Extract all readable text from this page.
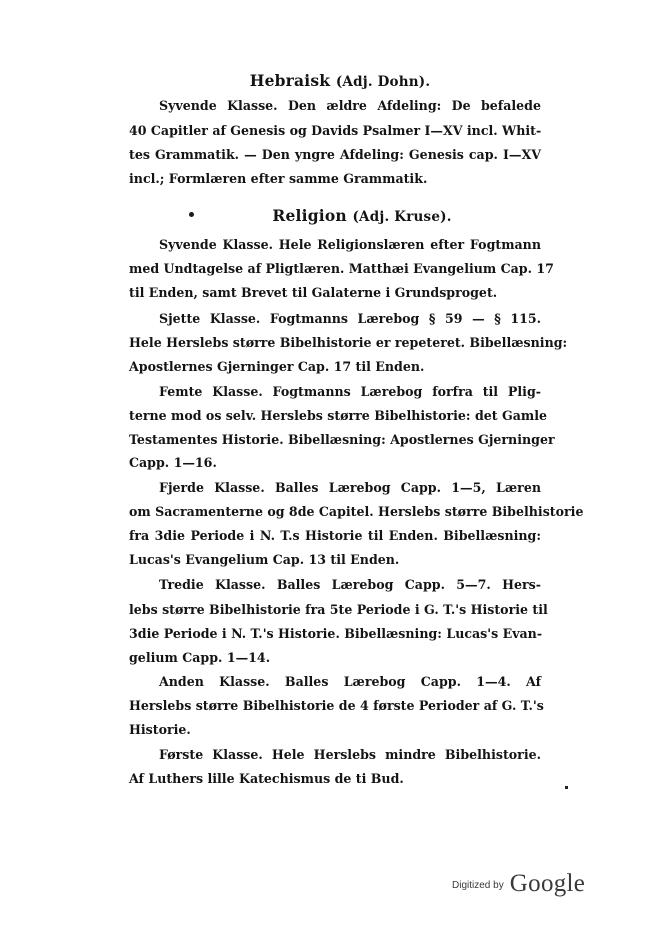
Hebraisk (Adj. Dohn).
Syvende Klasse. Den ældre Afdeling: De befalede
40 Capitler af Genesis og Davids Psalmer I—XV incl. Whit-
tes Grammatik. — Den yngre Afdeling: Genesis cap. I—XV
incl.; Formlæren efter samme Grammatik.
Religion (Adj. Kruse).
Syvende Klasse. Hele Religionslæren efter Fogtmann
med Undtagelse af Pligtlæren. Matthæi Evangelium Cap. 17
til Enden, samt Brevet til Galaterne i Grundsproget.
Sjette Klasse. Fogtmanns Lærebog § 59 — § 115.
Hele Herslebs større Bibelhistorie er repeteret. Bibellæsning:
Apostlernes Gjerninger Cap. 17 til Enden.
Femte Klasse. Fogtmanns Lærebog forfra til Plig-
terne mod os selv. Herslebs større Bibelhistorie: det Gamle
Testamentes Historie. Bibellæsning: Apostlernes Gjerninger
Capp. 1—16.
Fjerde Klasse. Balles Lærebog Capp. 1—5, Læren
om Sacramenterne og 8de Capitel. Herslebs større Bibelhistorie
fra 3die Periode i N. T.s Historie til Enden. Bibellæsning:
Lucas's Evangelium Cap. 13 til Enden.
Tredie Klasse. Balles Lærebog Capp. 5—7. Hers-
lebs større Bibelhistorie fra 5te Periode i G. T.'s Historie til
3die Periode i N. T.'s Historie. Bibellæsning: Lucas's Evan-
gelium Capp. 1—14.
Anden Klasse. Balles Lærebog Capp. 1—4. Af
Herslebs større Bibelhistorie de 4 første Perioder af G. T.'s
Historie.
Første Klasse. Hele Herslebs mindre Bibelhistorie.
Af Luthers lille Katechismus de ti Bud.
Digitized by Google
